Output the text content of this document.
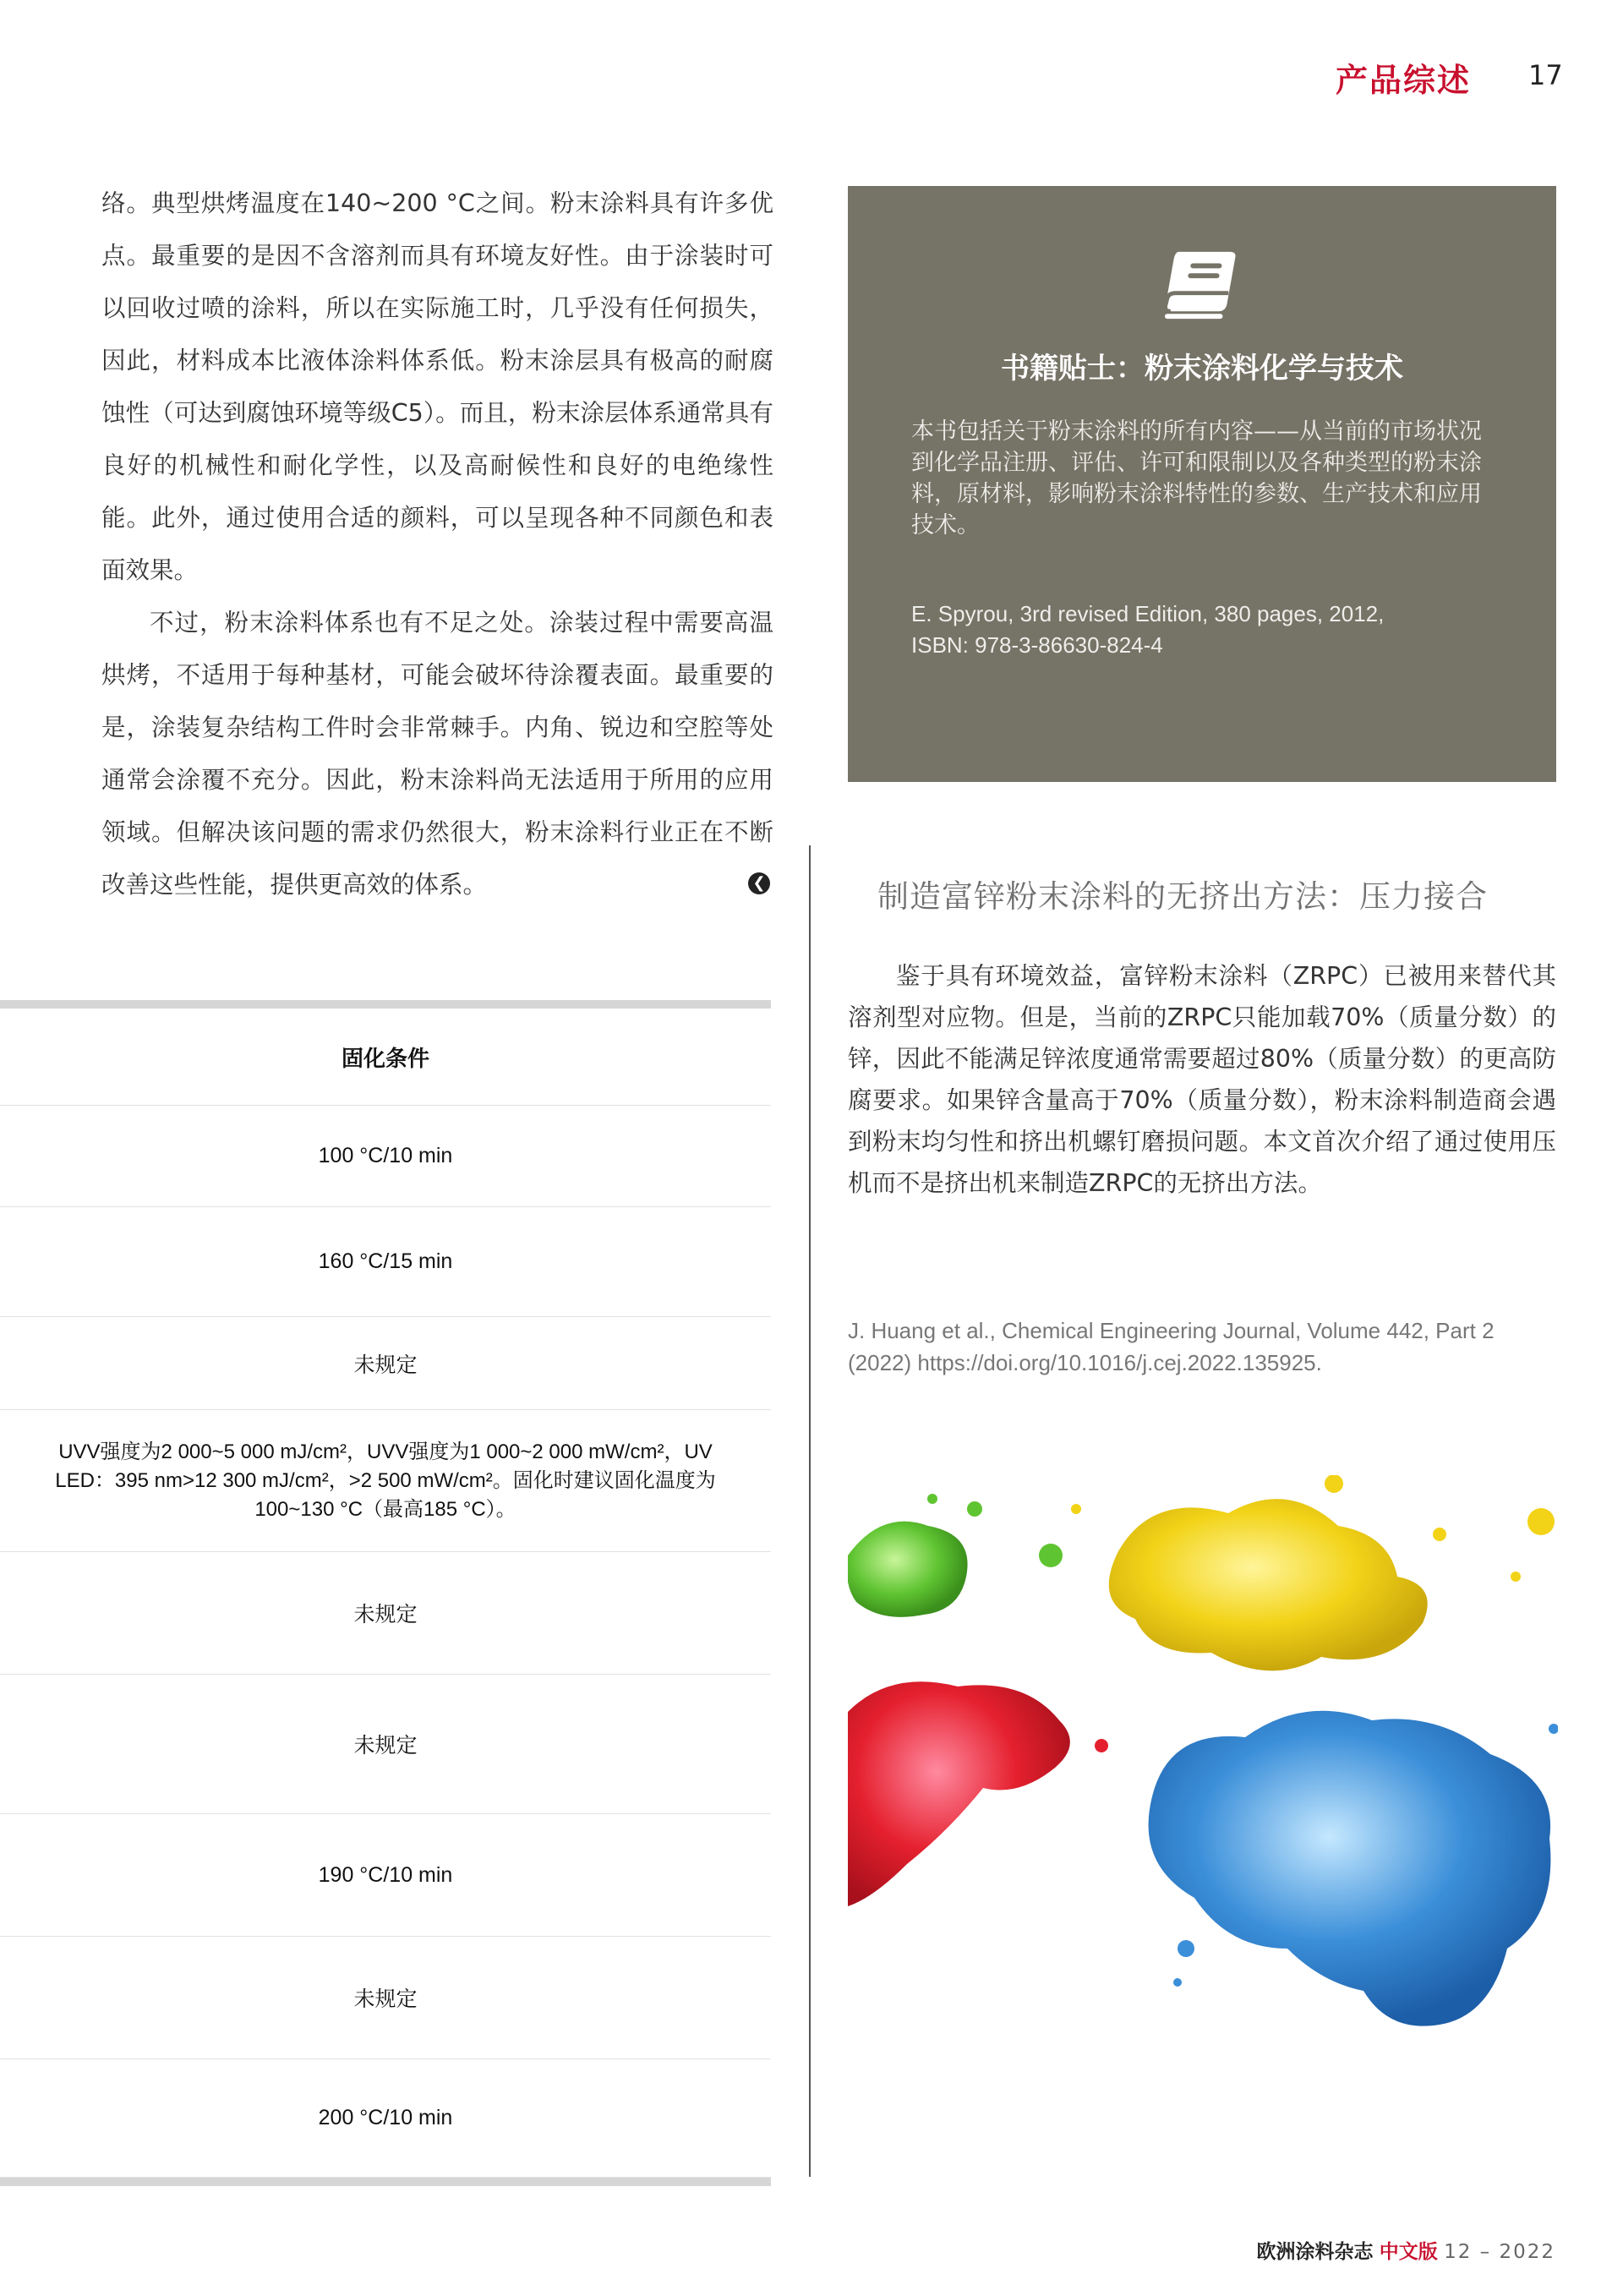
产品综述 17

络。典型烘烤温度在140~200 °C之间。粉末涂料具有许多优点。最重要的是因不含溶剂而具有环境友好性。由于涂装时可以回收过喷的涂料，所以在实际施工时，几乎没有任何损失，因此，材料成本比液体涂料体系低。粉末涂层具有极高的耐腐蚀性（可达到腐蚀环境等级C5）。而且，粉末涂层体系通常具有良好的机械性和耐化学性，以及高耐候性和良好的电绝缘性能。此外，通过使用合适的颜料，可以呈现各种不同颜色和表面效果。

不过，粉末涂料体系也有不足之处。涂装过程中需要高温烘烤，不适用于每种基材，可能会破坏待涂覆表面。最重要的是，涂装复杂结构工件时会非常棘手。内角、锐边和空腔等处通常会涂覆不充分。因此，粉末涂料尚无法适用于所用的应用领域。但解决该问题的需求仍然很大，粉末涂料行业正在不断改善这些性能，提供更高效的体系。	❮
固化条件
100 °C/10 min
160 °C/15 min
未规定
UVV强度为2 000~5 000 mJ/cm²，UVV强度为1 000~2 000 mW/cm²，UV LED：395 nm>12 300 mJ/cm²，>2 500 mW/cm²。固化时建议固化温度为100~130 °C（最高185 °C）。
未规定
未规定
190 °C/10 min
未规定
200 °C/10 min
书籍贴士：粉末涂料化学与技术
本书包括关于粉末涂料的所有内容——从当前的市场状况到化学品注册、评估、许可和限制以及各种类型的粉末涂料，原材料，影响粉末涂料特性的参数、生产技术和应用技术。
E. Spyrou, 3rd revised Edition, 380 pages, 2012,
ISBN: 978-3-86630-824-4
制造富锌粉末涂料的无挤出方法：压力接合
鉴于具有环境效益，富锌粉末涂料（ZRPC）已被用来替代其溶剂型对应物。但是，当前的ZRPC只能加载70%（质量分数）的锌，因此不能满足锌浓度通常需要超过80%（质量分数）的更高防腐要求。如果锌含量高于70%（质量分数），粉末涂料制造商会遇到粉末均匀性和挤出机螺钉磨损问题。本文首次介绍了通过使用压机而不是挤出机来制造ZRPC的无挤出方法。
J. Huang et al., Chemical Engineering Journal, Volume 442, Part 2 (2022) https://doi.org/10.1016/j.cej.2022.135925.
欧洲涂料杂志 中文版 12 – 2022
